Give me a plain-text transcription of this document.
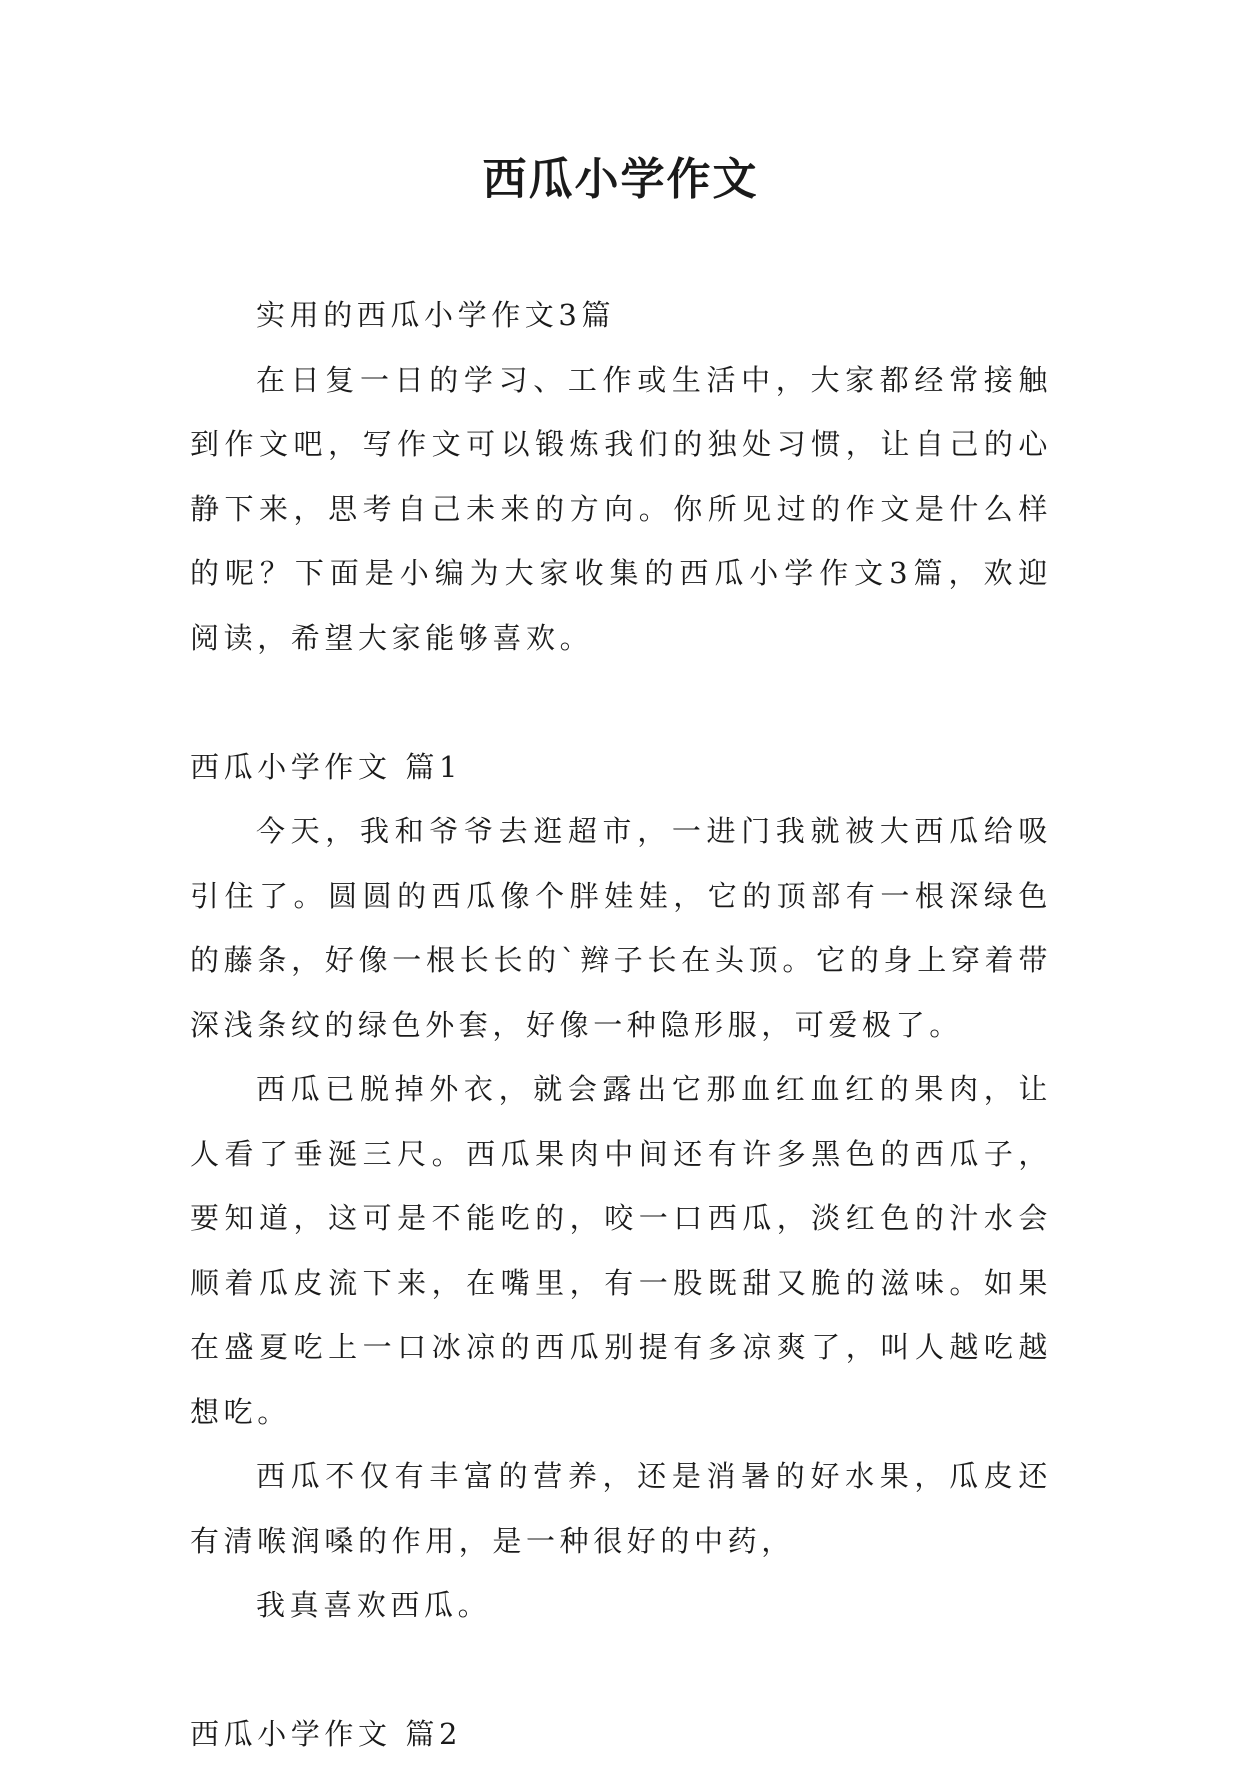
西瓜小学作文

实用的西瓜小学作文3篇

在日复一日的学习、工作或生活中，大家都经常接触到作文吧，写作文可以锻炼我们的独处习惯，让自己的心静下来，思考自己未来的方向。你所见过的作文是什么样的呢？下面是小编为大家收集的西瓜小学作文3篇，欢迎阅读，希望大家能够喜欢。

西瓜小学作文 篇1

今天，我和爷爷去逛超市，一进门我就被大西瓜给吸引住了。圆圆的西瓜像个胖娃娃，它的顶部有一根深绿色的藤条，好像一根长长的`辫子长在头顶。它的身上穿着带深浅条纹的绿色外套，好像一种隐形服，可爱极了。

西瓜已脱掉外衣，就会露出它那血红血红的果肉，让人看了垂涎三尺。西瓜果肉中间还有许多黑色的西瓜子，要知道，这可是不能吃的，咬一口西瓜，淡红色的汁水会顺着瓜皮流下来，在嘴里，有一股既甜又脆的滋味。如果在盛夏吃上一口冰凉的西瓜别提有多凉爽了，叫人越吃越想吃。

西瓜不仅有丰富的营养，还是消暑的好水果，瓜皮还有清喉润嗓的作用，是一种很好的中药，

我真喜欢西瓜。

西瓜小学作文 篇2
